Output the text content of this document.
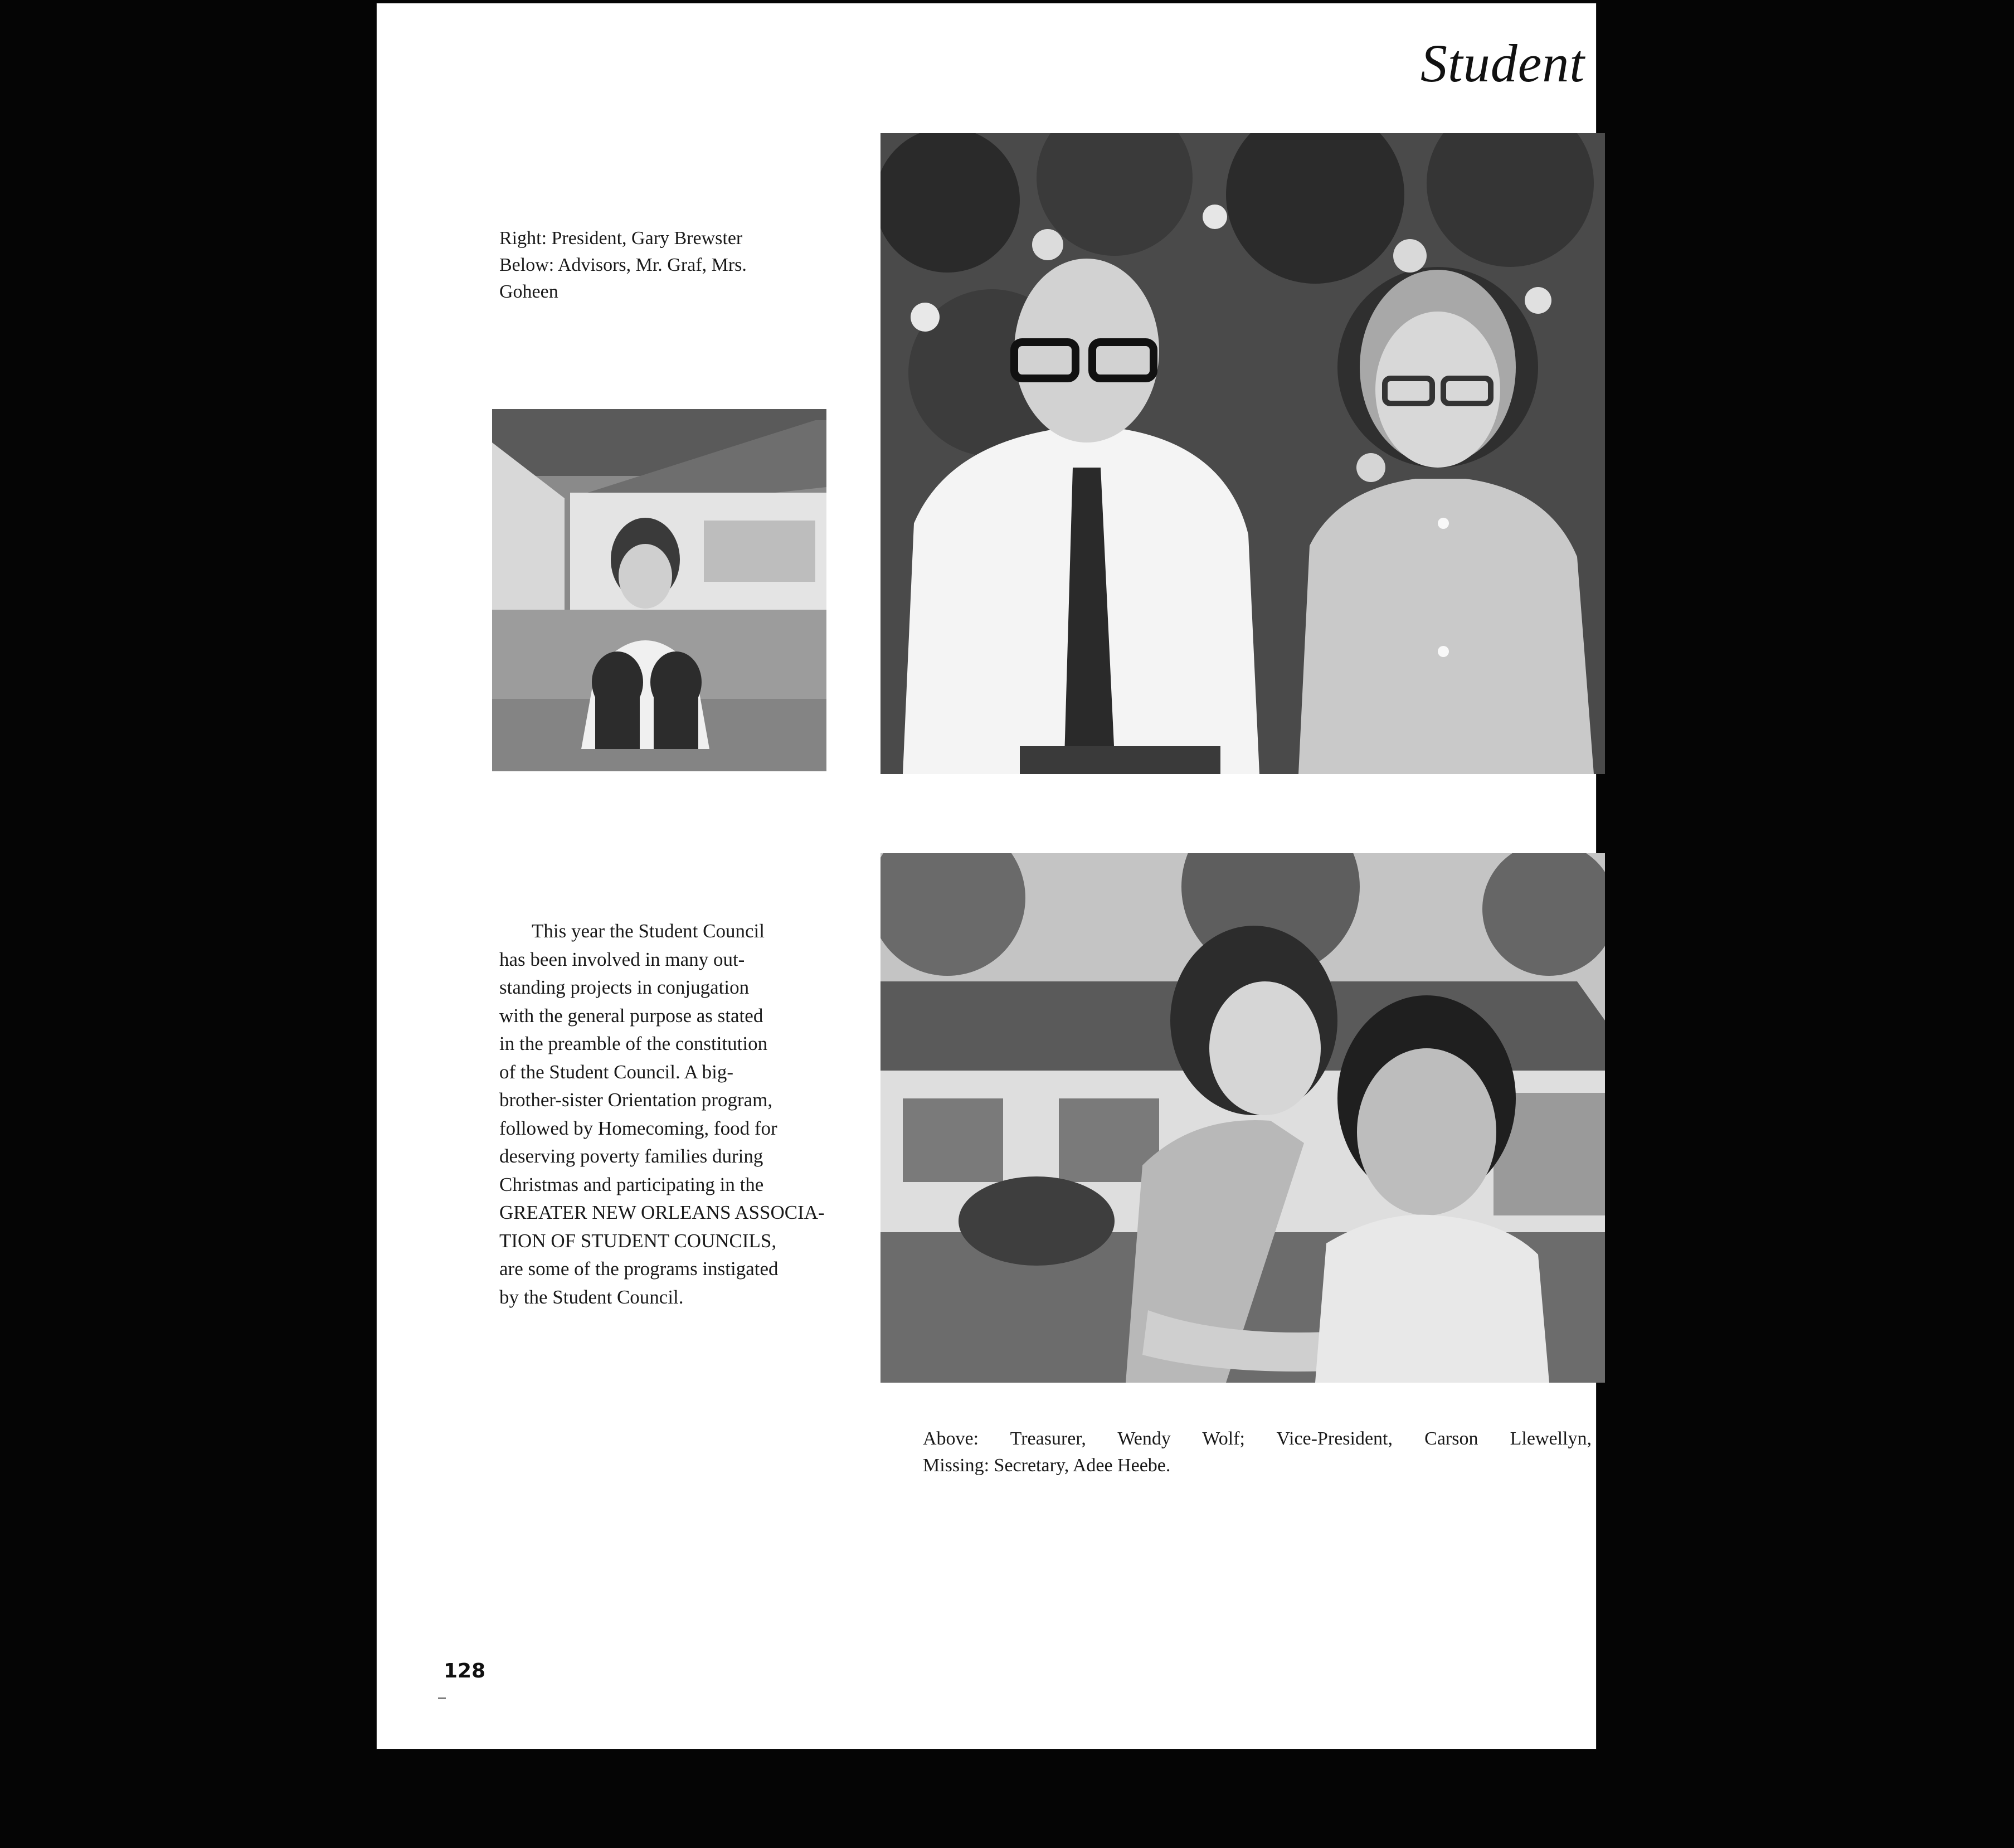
Student
Right: President, Gary Brewster
Below: Advisors, Mr. Graf, Mrs.
Goheen
This year the Student Council
has been involved in many out-
standing projects in conjugation
with the general purpose as stated
in the preamble of the constitution
of the Student Council. A big-
brother-sister Orientation program,
followed by Homecoming, food for
deserving poverty families during
Christmas and participating in the
GREATER NEW ORLEANS ASSOCIA-
TION OF STUDENT COUNCILS,
are some of the programs instigated
by the Student Council.
Above: Treasurer, Wendy Wolf; Vice-President, Carson Llewellyn,
Missing: Secretary, Adee Heebe.
128
